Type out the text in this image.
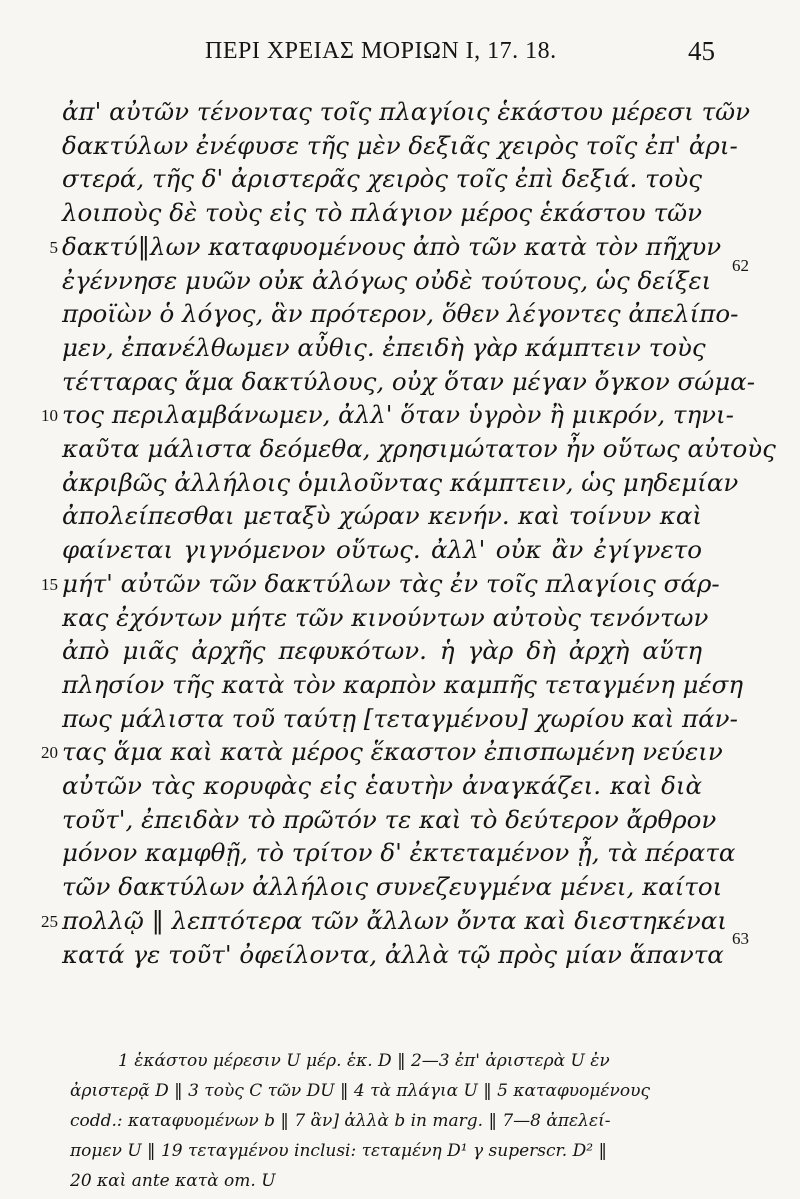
ΠΕΡΙ ΧΡΕΙΑΣ ΜΟΡΙΩΝ Ι, 17. 18.	45
ἀπ' αὐτῶν τένοντας τοῖς πλαγίοις ἑκάστου μέρεσι τῶν
δακτύλων ἐνέφυσε τῆς μὲν δεξιᾶς χειρὸς τοῖς ἐπ' ἀρι-
στερά, τῆς δ' ἀριστερᾶς χειρὸς τοῖς ἐπὶ δεξιά. τοὺς
λοιποὺς δὲ τοὺς εἰς τὸ πλάγιον μέρος ἑκάστου τῶν
δακτύ‖λων καταφυομένους ἀπὸ τῶν κατὰ τὸν πῆχυν
5
ἐγέννησε μυῶν οὐκ ἀλόγως οὐδὲ τούτους, ὡς δείξει
προϊὼν ὁ λόγος, ἃν πρότερον, ὅθεν λέγοντες ἀπελίπο-
μεν, ἐπανέλθωμεν αὖθις. ἐπειδὴ γὰρ κάμπτειν τοὺς
τέτταρας ἅμα δακτύλους, οὐχ ὅταν μέγαν ὄγκον σώμα-
τος περιλαμβάνωμεν, ἀλλ' ὅταν ὑγρὸν ἢ μικρόν, τηνι-
10
καῦτα μάλιστα δεόμεθα, χρησιμώτατον ἦν οὕτως αὐτοὺς
ἀκριβῶς ἀλλήλοις ὁμιλοῦντας κάμπτειν, ὡς μηδεμίαν
ἀπολείπεσθαι μεταξὺ χώραν κενήν. καὶ τοίνυν καὶ
φαίνεται γιγνόμενον οὕτως. ἀλλ' οὐκ ἂν ἐγίγνετο
μήτ' αὐτῶν τῶν δακτύλων τὰς ἐν τοῖς πλαγίοις σάρ-
15
κας ἐχόντων μήτε τῶν κινούντων αὐτοὺς τενόντων
ἀπὸ μιᾶς ἀρχῆς πεφυκότων. ἡ γὰρ δὴ ἀρχὴ αὕτη
πλησίον τῆς κατὰ τὸν καρπὸν καμπῆς τεταγμένη μέση
πως μάλιστα τοῦ ταύτῃ [τεταγμένου] χωρίου καὶ πάν-
τας ἅμα καὶ κατὰ μέρος ἕκαστον ἐπισπωμένη νεύειν
20
αὐτῶν τὰς κορυφὰς εἰς ἑαυτὴν ἀναγκάζει. καὶ διὰ
τοῦτ', ἐπειδὰν τὸ πρῶτόν τε καὶ τὸ δεύτερον ἄρθρον
μόνον καμφθῇ, τὸ τρίτον δ' ἐκτεταμένον ᾖ, τὰ πέρατα
τῶν δακτύλων ἀλλήλοις συνεζευγμένα μένει, καίτοι
πολλῷ ‖ λεπτότερα τῶν ἄλλων ὄντα καὶ διεστηκέναι
25
κατά γε τοῦτ' ὀφείλοντα, ἀλλὰ τῷ πρὸς μίαν ἅπαντα
62
63
1 ἑκάστου μέρεσιν U μέρ. ἑκ. D ‖ 2—3 ἐπ' ἀριστερὰ U ἐν
ἀριστερᾷ D ‖ 3 τοὺς C τῶν DU ‖ 4 τὰ πλάγια U ‖ 5 καταφυομένους
codd.: καταφυομένων b ‖ 7 ἃν] ἀλλὰ b in marg. ‖ 7—8 ἀπελεί-
πομεν U ‖ 19 τεταγμένου inclusi: τεταμένη D¹ γ superscr. D² ‖
20 καὶ ante κατὰ om. U
